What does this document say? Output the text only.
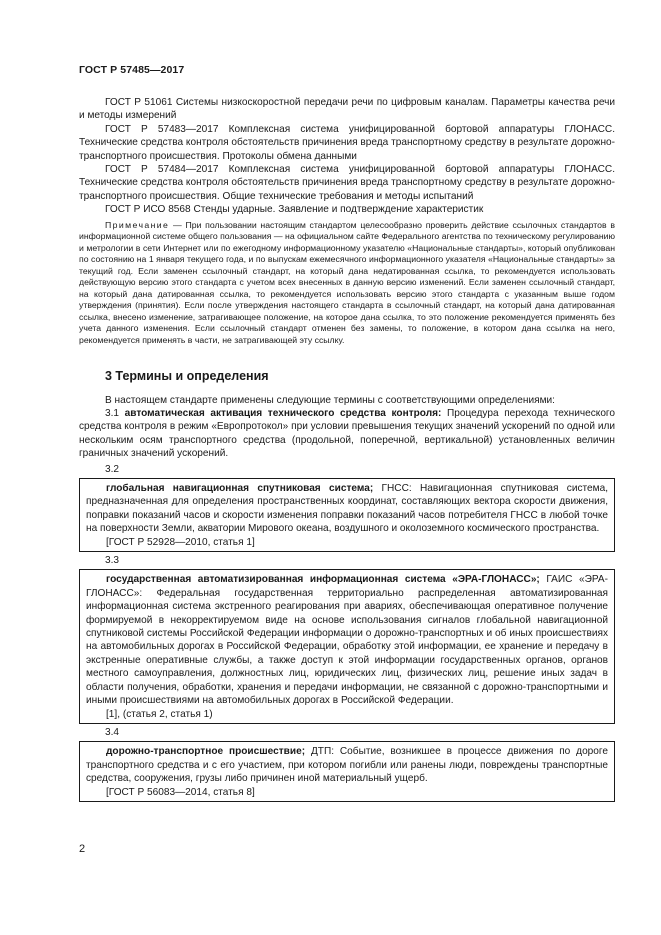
ГОСТ Р 57485—2017

ГОСТ Р 51061 Системы низкоскоростной передачи речи по цифровым каналам. Параметры качества речи и методы измерений

ГОСТ Р 57483—2017 Комплексная система унифицированной бортовой аппаратуры ГЛОНАСС. Технические средства контроля обстоятельств причинения вреда транспортному средству в результате дорожно-транспортного происшествия. Протоколы обмена данными

ГОСТ Р 57484—2017 Комплексная система унифицированной бортовой аппаратуры ГЛОНАСС. Технические средства контроля обстоятельств причинения вреда транспортному средству в результате дорожно-транспортного происшествия. Общие технические требования и методы испытаний

ГОСТ Р ИСО 8568 Стенды ударные. Заявление и подтверждение характеристик

Примечание — При пользовании настоящим стандартом целесообразно проверить действие ссылочных стандартов в информационной системе общего пользования — на официальном сайте Федерального агентства по техническому регулированию и метрологии в сети Интернет или по ежегодному информационному указателю «Национальные стандарты», который опубликован по состоянию на 1 января текущего года, и по выпускам ежемесячного информационного указателя «Национальные стандарты» за текущий год. Если заменен ссылочный стандарт, на который дана недатированная ссылка, то рекомендуется использовать действующую версию этого стандарта с учетом всех внесенных в данную версию изменений. Если заменен ссылочный стандарт, на который дана датированная ссылка, то рекомендуется использовать версию этого стандарта с указанным выше годом утверждения (принятия). Если после утверждения настоящего стандарта в ссылочный стандарт, на который дана датированная ссылка, внесено изменение, затрагивающее положение, на которое дана ссылка, то это положение рекомендуется применять без учета данного изменения. Если ссылочный стандарт отменен без замены, то положение, в котором дана ссылка на него, рекомендуется применять в части, не затрагивающей эту ссылку.

3 Термины и определения

В настоящем стандарте применены следующие термины с соответствующими определениями:

3.1 автоматическая активация технического средства контроля: Процедура перехода технического средства контроля в режим «Европротокол» при условии превышения текущих значений ускорений по одной или нескольким осям транспортного средства (продольной, поперечной, вертикальной) установленных величин граничных значений ускорений.

3.2

глобальная навигационная спутниковая система; ГНСС: Навигационная спутниковая система, предназначенная для определения пространственных координат, составляющих вектора скорости движения, поправки показаний часов и скорости изменения поправки показаний часов потребителя ГНСС в любой точке на поверхности Земли, акватории Мирового океана, воздушного и околоземного космического пространства.

[ГОСТ Р 52928—2010, статья 1]
3.3

государственная автоматизированная информационная система «ЭРА-ГЛОНАСС»; ГАИС «ЭРА-ГЛОНАСС»: Федеральная государственная территориально распределенная автоматизированная информационная система экстренного реагирования при авариях, обеспечивающая оперативное получение формируемой в некорректируемом виде на основе использования сигналов глобальной навигационной спутниковой системы Российской Федерации информации о дорожно-транспортных и об иных происшествиях на автомобильных дорогах в Российской Федерации, обработку этой информации, ее хранение и передачу в экстренные оперативные службы, а также доступ к этой информации государственных органов, органов местного самоуправления, должностных лиц, юридических лиц, физических лиц, решение иных задач в области получения, обработки, хранения и передачи информации, не связанной с дорожно-транспортными и иными происшествиями на автомобильных дорогах в Российской Федерации.

[1], (статья 2, статья 1)
3.4

дорожно-транспортное происшествие; ДТП: Событие, возникшее в процессе движения по дороге транспортного средства и с его участием, при котором погибли или ранены люди, повреждены транспортные средства, сооружения, грузы либо причинен иной материальный ущерб.

[ГОСТ Р 56083—2014, статья 8]
2
